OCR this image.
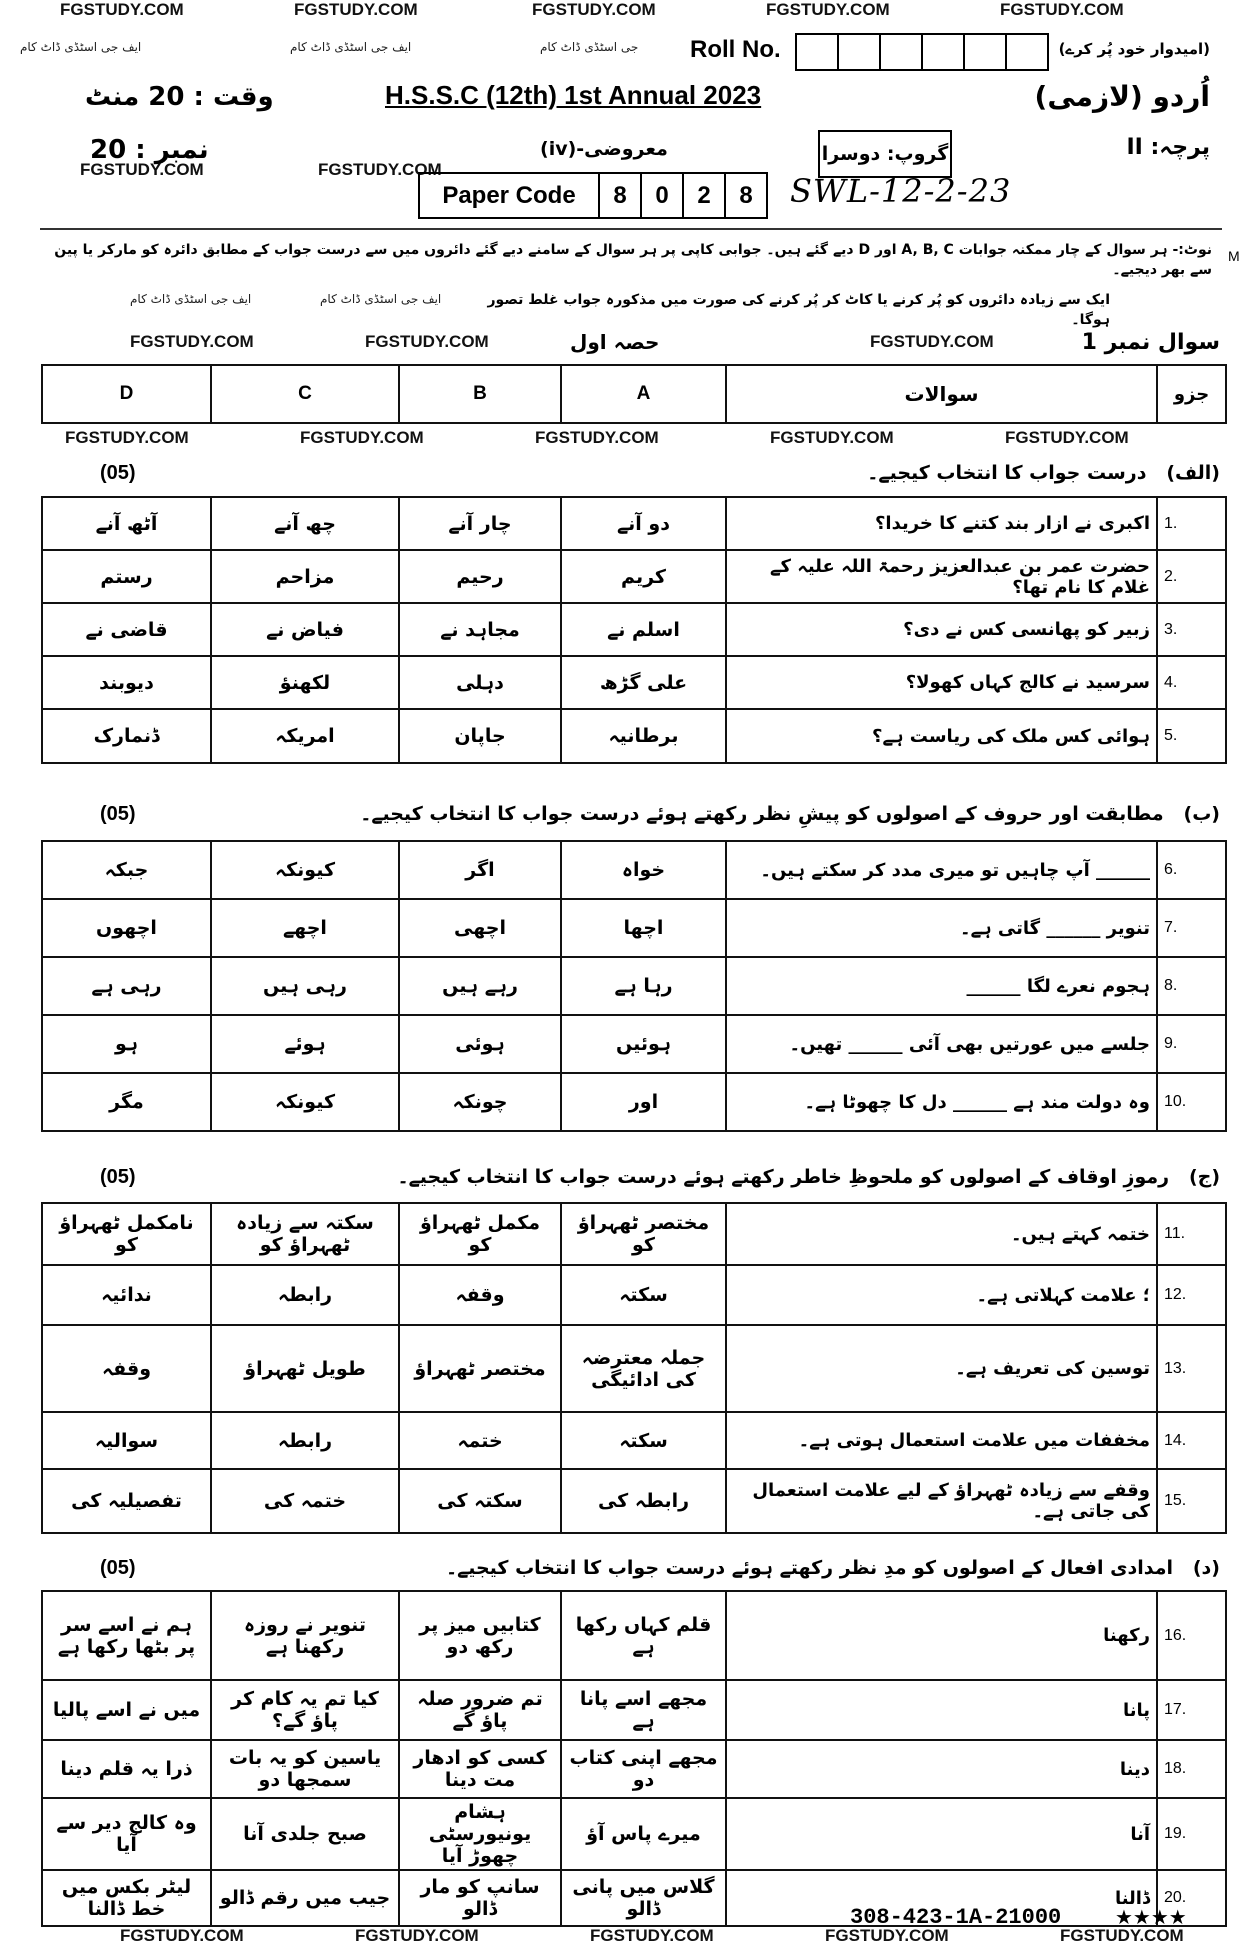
FGSTUDY.COM	FGSTUDY.COM	FGSTUDY.COM	FGSTUDY.COM	FGSTUDY.COM
ایف جی اسٹڈی ڈاٹ کام	ایف جی اسٹڈی ڈاٹ کام	جی اسٹڈی ڈاٹ کام Roll No.	(امیدوار خود پُر کرے)
وقت : 20 منٹ	H.S.S.C (12th) 1st Annual 2023	اُردو (لازمی)
نمبر : 20	معروضی-(iv)	گروپ: دوسرا	پرچہ: II
FGSTUDY.COM	FGSTUDY.COM
Paper Code	8	0	2	8	SWL-12-2-23
نوٹ:- ہر سوال کے چار ممکنہ جوابات A, B, C اور D دیے گئے ہیں۔ جوابی کاپی پر ہر سوال کے سامنے دیے گئے دائروں میں سے درست جواب کے مطابق دائرہ کو مارکر یا پین سے بھر دیجیے۔
M
ایک سے زیادہ دائروں کو پُر کرنے یا کاٹ کر پُر کرنے کی صورت میں مذکورہ جواب غلط تصور ہوگا۔
ایف جی اسٹڈی ڈاٹ کام	ایف جی اسٹڈی ڈاٹ کام
FGSTUDY.COM	FGSTUDY.COM	حصہ اول	FGSTUDY.COM	سوال نمبر 1
D	C	B	A	سوالات	جزو
FGSTUDY.COM	FGSTUDY.COM	FGSTUDY.COM	FGSTUDY.COM	FGSTUDY.COM
(الف)   درست جواب کا انتخاب کیجیے۔
(05)
آٹھ آنے	چھ آنے	چار آنے	دو آنے	اکبری نے ازار بند کتنے کا خریدا؟	1.
رستم	مزاحم	رحیم	کریم	حضرت عمر بن عبدالعزیز رحمۃ اللہ علیہ کے غلام کا نام تھا؟	2.
قاضی نے	فیاض نے	مجاہد نے	اسلم نے	زبیر کو پھانسی کس نے دی؟	3.
دیوبند	لکھنؤ	دہلی	علی گڑھ	سرسید نے کالج کہاں کھولا؟	4.
ڈنمارک	امریکہ	جاپان	برطانیہ	ہوائی کس ملک کی ریاست ہے؟	5.
(ب)   مطابقت اور حروف کے اصولوں کو پیشِ نظر رکھتے ہوئے درست جواب کا انتخاب کیجیے۔
(05)
جبکہ	کیونکہ	اگر	خواہ	______ آپ چاہیں تو میری مدد کر سکتے ہیں۔	6.
اچھوں	اچھے	اچھی	اچھا	تنویر ______ گاتی ہے۔	7.
رہی ہے	رہی ہیں	رہے ہیں	رہا ہے	ہجوم نعرے لگا ______	8.
ہو	ہوئے	ہوئی	ہوئیں	جلسے میں عورتیں بھی آئی ______ تھیں۔	9.
مگر	کیونکہ	چونکہ	اور	وہ دولت مند ہے ______ دل کا چھوٹا ہے۔	10.
(ج)   رموزِ اوقاف کے اصولوں کو ملحوظِ خاطر رکھتے ہوئے درست جواب کا انتخاب کیجیے۔
(05)
نامکمل ٹھہراؤ کو	سکتہ سے زیادہ ٹھہراؤ کو	مکمل ٹھہراؤ کو	مختصر ٹھہراؤ کو	ختمہ کہتے ہیں۔	11.
ندائیہ	رابطہ	وقفہ	سکتہ	؛ علامت کہلاتی ہے۔	12.
وقفہ	طویل ٹھہراؤ	مختصر ٹھہراؤ	جملہ معترضہ کی ادائیگی	توسین کی تعریف ہے۔	13.
سوالیہ	رابطہ	ختمہ	سکتہ	مخففات میں علامت استعمال ہوتی ہے۔	14.
تفصیلیہ کی	ختمہ کی	سکتہ کی	رابطہ کی	وقفے سے زیادہ ٹھہراؤ کے لیے علامت استعمال کی جاتی ہے۔	15.
(د)   امدادی افعال کے اصولوں کو مدِ نظر رکھتے ہوئے درست جواب کا انتخاب کیجیے۔
(05)
ہم نے اسے سر پر بٹھا رکھا ہے	تنویر نے روزہ رکھنا ہے	کتابیں میز پر رکھ دو	قلم کہاں رکھا ہے	رکھنا	16.
میں نے اسے پالیا	کیا تم یہ کام کر پاؤ گے؟	تم ضرور صلہ پاؤ گے	مجھے اسے پانا ہے	پانا	17.
ذرا یہ قلم دینا	یاسین کو یہ بات سمجھا دو	کسی کو ادھار مت دینا	مجھے اپنی کتاب دو	دینا	18.
وہ کالج دیر سے آیا	صبح جلدی آنا	ہشام یونیورسٹی چھوڑ آیا	میرے پاس آؤ	آنا	19.
لیٹر بکس میں خط ڈالنا	جیب میں رقم ڈالو	سانپ کو مار ڈالو	گلاس میں پانی ڈالو	ڈالنا	20.
308-423-1A-21000	★★★★
FGSTUDY.COM	FGSTUDY.COM	FGSTUDY.COM	FGSTUDY.COM	FGSTUDY.COM
